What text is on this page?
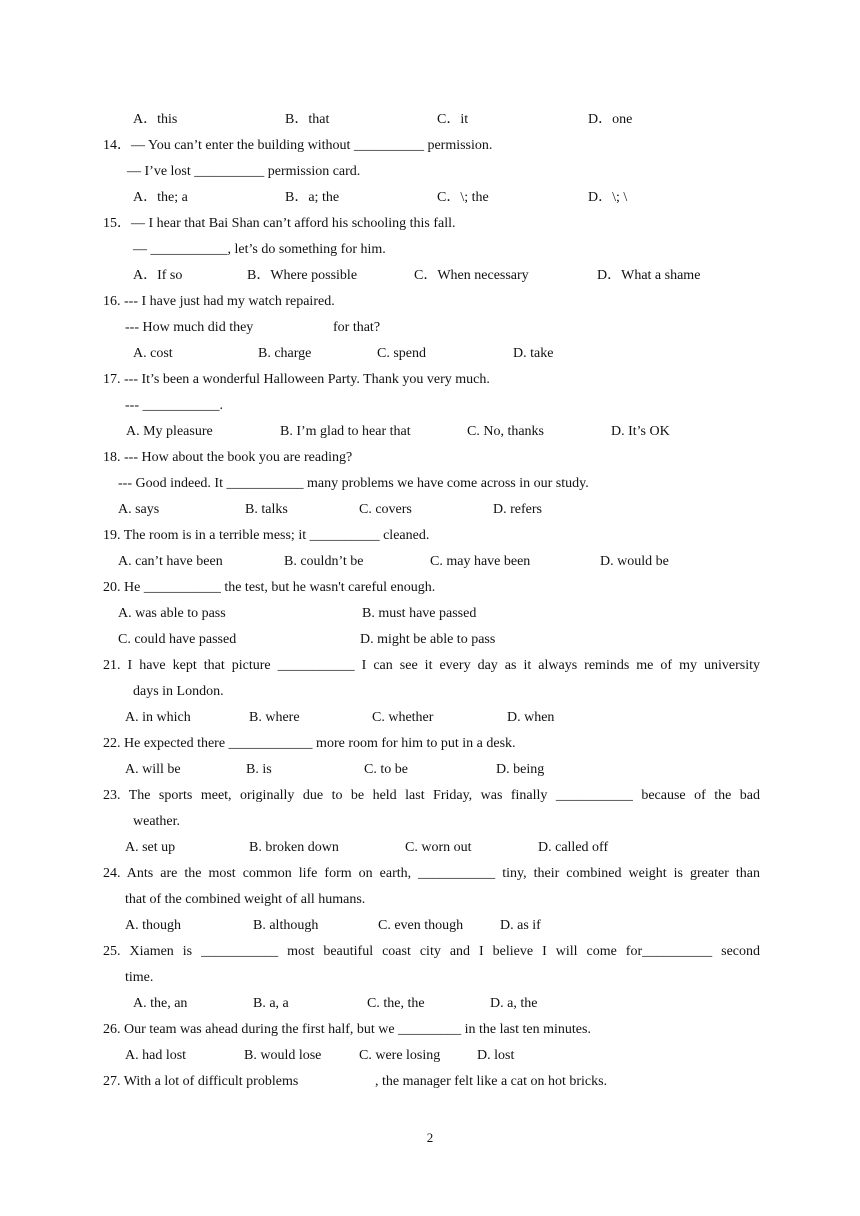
A．this	B．that	C．it	D．one
14．— You can’t enter the building without __________ permission.
— I’ve lost __________ permission card.
A．the; a	B．a; the	C．\; the	D．\; \
15．— I hear that Bai Shan can’t afford his schooling this fall.
— ___________, let’s do something for him.
A．If so	B．Where possible	C．When necessary	D．What a shame
16. --- I have just had my watch repaired.
--- How much did they	for that?
A. cost	B. charge	C. spend	D. take
17. --- It’s been a wonderful Halloween Party. Thank you very much.
--- ___________.
A. My pleasure	B. I’m glad to hear that	C. No, thanks	D. It’s OK
18. --- How about the book you are reading?
--- Good indeed. It ___________ many problems we have come across in our study.
A. says	B. talks	C. covers	D. refers
19. The room is in a terrible mess; it __________ cleaned.
A. can’t have been	B. couldn’t be	C. may have been	D. would be
20. He ___________ the test, but he wasn't careful enough.
A. was able to pass	B. must have passed
C. could have passed	D. might be able to pass
21. I have kept that picture ___________ I can see it every day as it always reminds me of my university
days in London.
A. in which	B. where	C. whether	D. when
22. He expected there ____________ more room for him to put in a desk.
A. will be	B. is	C. to be	D. being
23. The sports meet, originally due to be held last Friday, was finally ___________ because of the bad
weather.
A. set up	B. broken down	C. worn out	D. called off
24. Ants are the most common life form on earth, ___________ tiny, their combined weight is greater than
that of the combined weight of all humans.
A. though	B. although	C. even though	D. as if
25. Xiamen is ___________ most beautiful coast city and I believe I will come for__________ second
time.
A. the, an	B. a, a	C. the, the	D. a, the
26. Our team was ahead during the first half, but we _________ in the last ten minutes.
A. had lost	B. would lose	C. were losing	D. lost
27. With a lot of difficult problems	, the manager felt like a cat on hot bricks.
2
